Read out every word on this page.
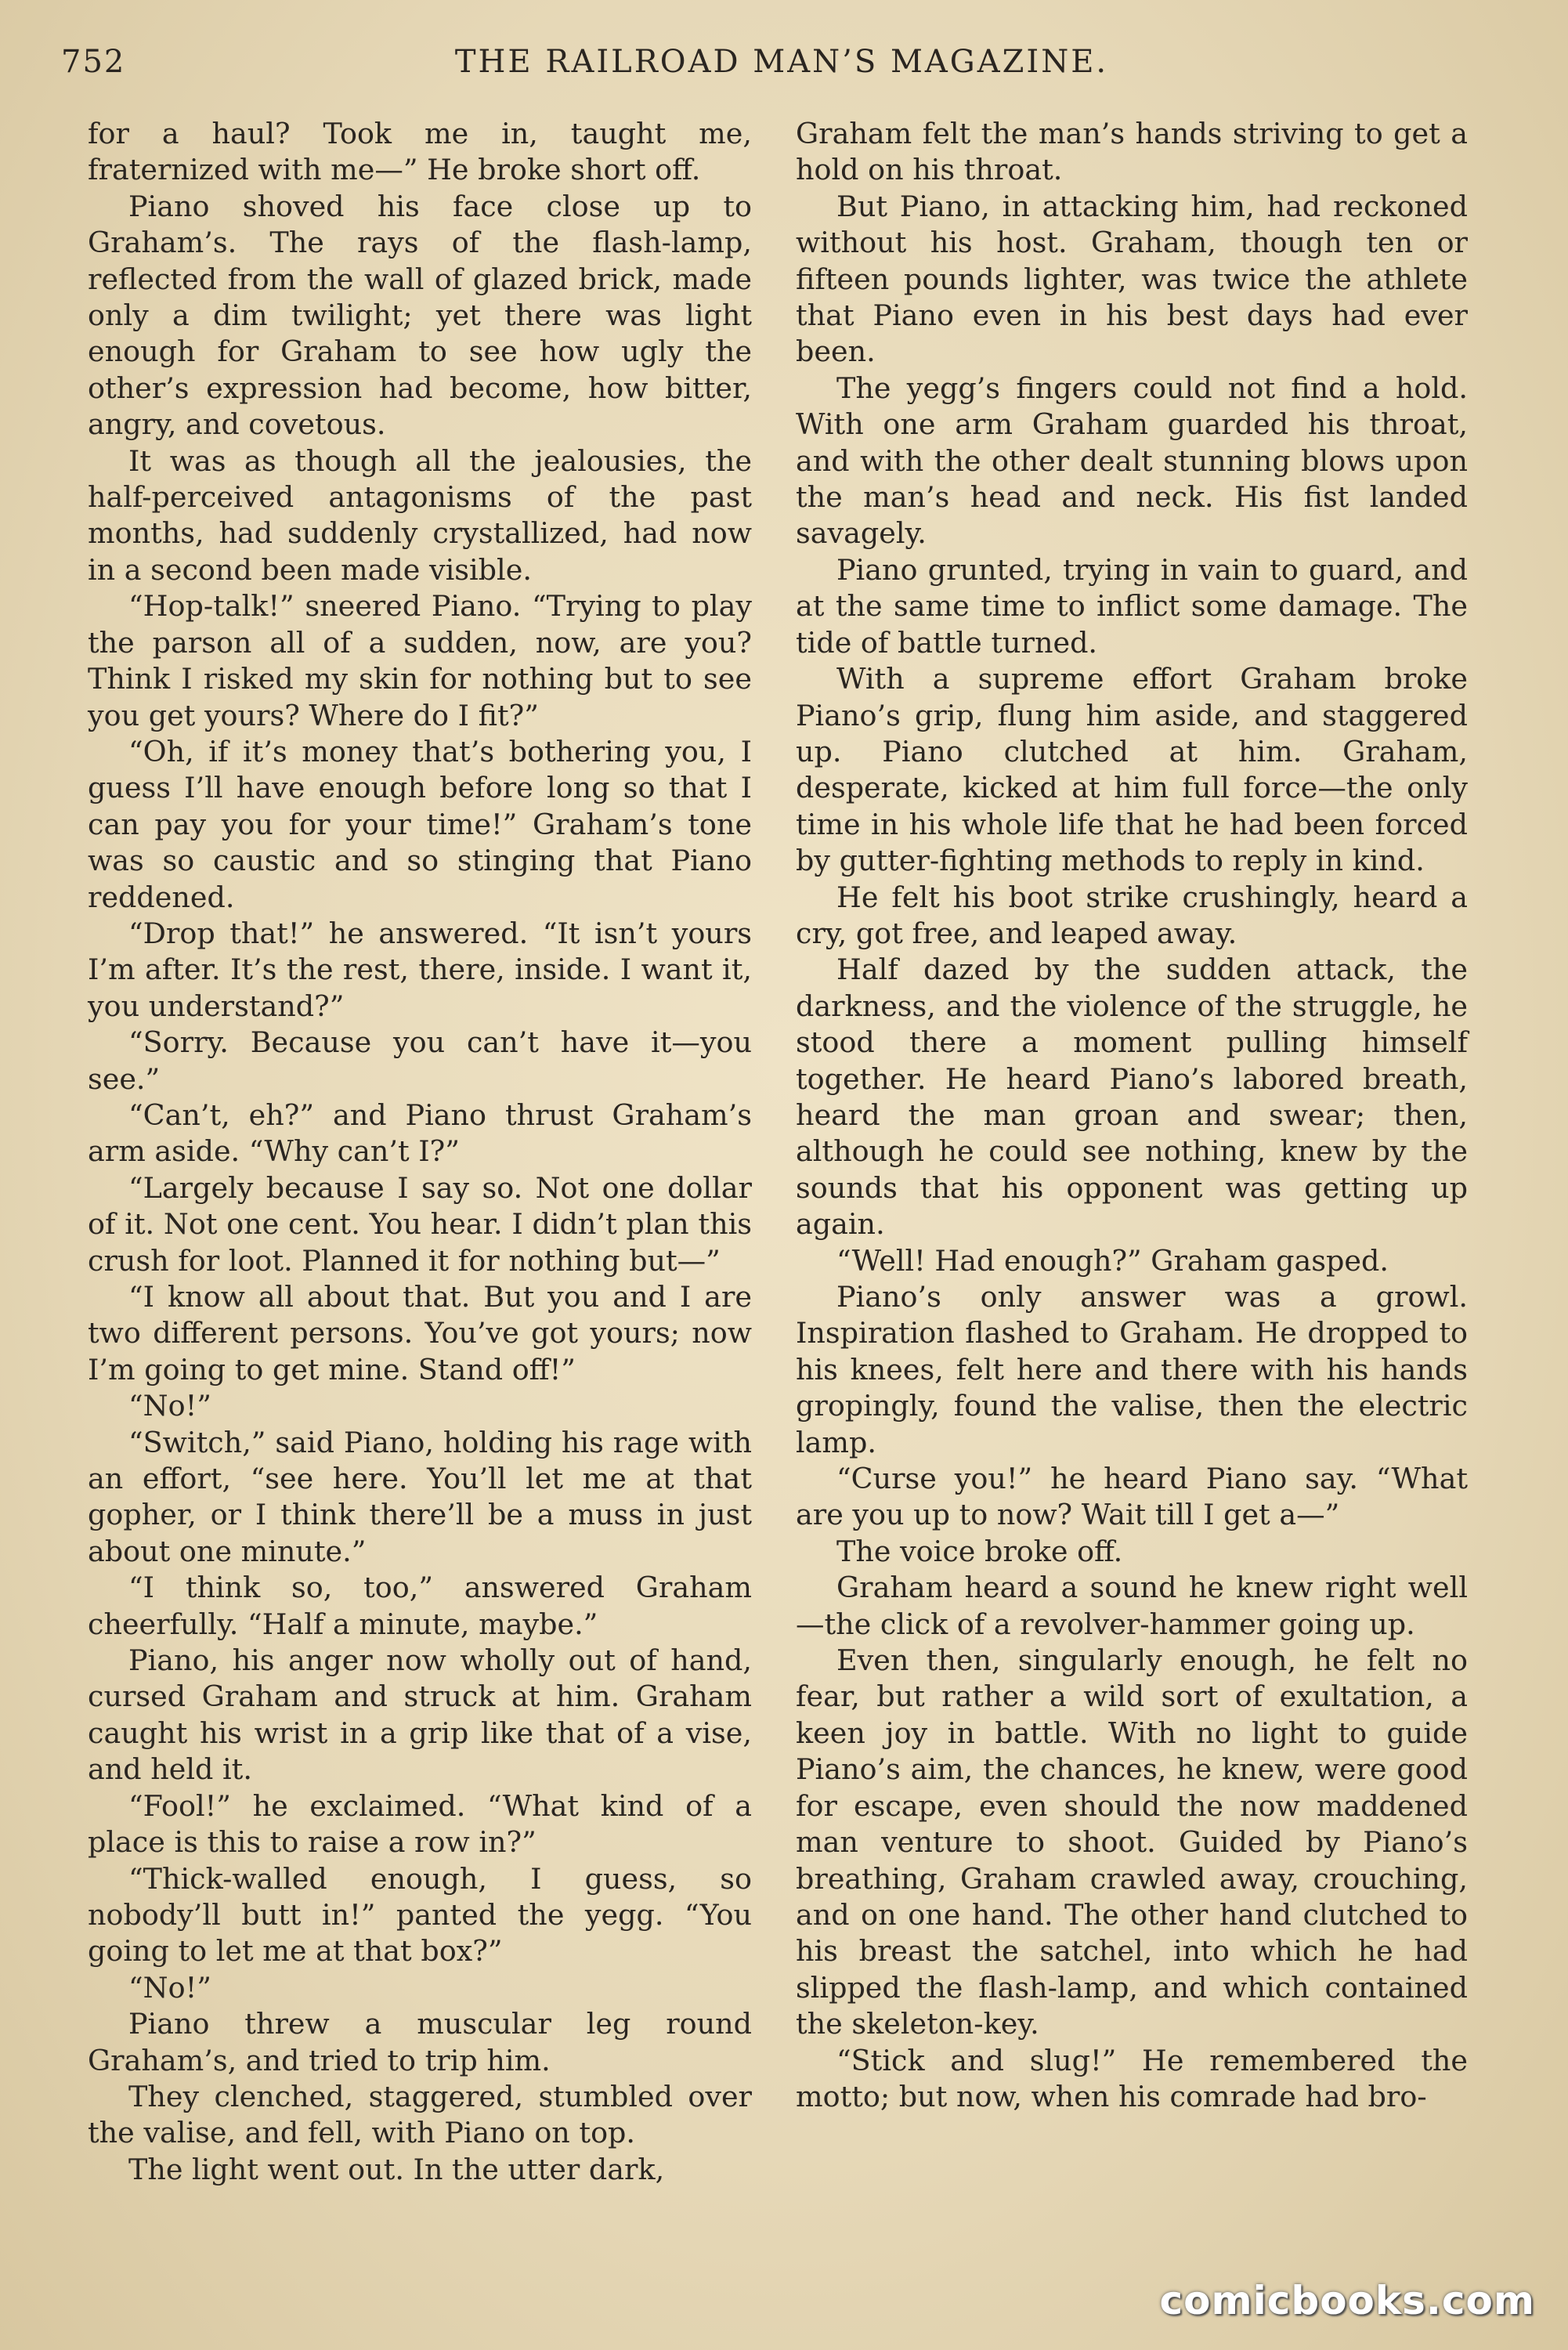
752	THE RAILROAD MAN’S MAGAZINE.

for a haul? Took me in, taught me, fraternized with me—” He broke short off.

Piano shoved his face close up to Graham’s. The rays of the flash-lamp, reflected from the wall of glazed brick, made only a dim twilight; yet there was light enough for Graham to see how ugly the other’s expression had become, how bitter, angry, and covetous.

It was as though all the jealousies, the half-perceived antagonisms of the past months, had suddenly crystallized, had now in a second been made visible.

“Hop-talk!” sneered Piano. “Trying to play the parson all of a sudden, now, are you? Think I risked my skin for nothing but to see you get yours? Where do I fit?”

“Oh, if it’s money that’s bothering you, I guess I’ll have enough before long so that I can pay you for your time!” Graham’s tone was so caustic and so stinging that Piano reddened.

“Drop that!” he answered. “It isn’t yours I’m after. It’s the rest, there, inside. I want it, you understand?”

“Sorry. Because you can’t have it—you see.”

“Can’t, eh?” and Piano thrust Graham’s arm aside. “Why can’t I?”

“Largely because I say so. Not one dollar of it. Not one cent. You hear. I didn’t plan this crush for loot. Planned it for nothing but—”

“I know all about that. But you and I are two different persons. You’ve got yours; now I’m going to get mine. Stand off!”

“No!”

“Switch,” said Piano, holding his rage with an effort, “see here. You’ll let me at that gopher, or I think there’ll be a muss in just about one minute.”

“I think so, too,” answered Graham cheerfully. “Half a minute, maybe.”

Piano, his anger now wholly out of hand, cursed Graham and struck at him. Graham caught his wrist in a grip like that of a vise, and held it.

“Fool!” he exclaimed. “What kind of a place is this to raise a row in?”

“Thick-walled enough, I guess, so nobody’ll butt in!” panted the yegg. “You going to let me at that box?”

“No!”

Piano threw a muscular leg round Graham’s, and tried to trip him.

They clenched, staggered, stumbled over the valise, and fell, with Piano on top.

The light went out. In the utter dark,

Graham felt the man’s hands striving to get a hold on his throat.

But Piano, in attacking him, had reckoned without his host. Graham, though ten or fifteen pounds lighter, was twice the athlete that Piano even in his best days had ever been.

The yegg’s fingers could not find a hold. With one arm Graham guarded his throat, and with the other dealt stunning blows upon the man’s head and neck. His fist landed savagely.

Piano grunted, trying in vain to guard, and at the same time to inflict some damage. The tide of battle turned.

With a supreme effort Graham broke Piano’s grip, flung him aside, and staggered up. Piano clutched at him. Graham, desperate, kicked at him full force—the only time in his whole life that he had been forced by gutter-fighting methods to reply in kind.

He felt his boot strike crushingly, heard a cry, got free, and leaped away.

Half dazed by the sudden attack, the darkness, and the violence of the struggle, he stood there a moment pulling himself together. He heard Piano’s labored breath, heard the man groan and swear; then, although he could see nothing, knew by the sounds that his opponent was getting up again.

“Well! Had enough?” Graham gasped.

Piano’s only answer was a growl. Inspiration flashed to Graham. He dropped to his knees, felt here and there with his hands gropingly, found the valise, then the electric lamp.

“Curse you!” he heard Piano say. “What are you up to now? Wait till I get a—”

The voice broke off.

Graham heard a sound he knew right well—the click of a revolver-hammer going up.

Even then, singularly enough, he felt no fear, but rather a wild sort of exultation, a keen joy in battle. With no light to guide Piano’s aim, the chances, he knew, were good for escape, even should the now maddened man venture to shoot. Guided by Piano’s breathing, Graham crawled away, crouching, and on one hand. The other hand clutched to his breast the satchel, into which he had slipped the flash-lamp, and which contained the skeleton-key.

“Stick and slug!” He remembered the motto; but now, when his comrade had bro-

comicbooks.com
